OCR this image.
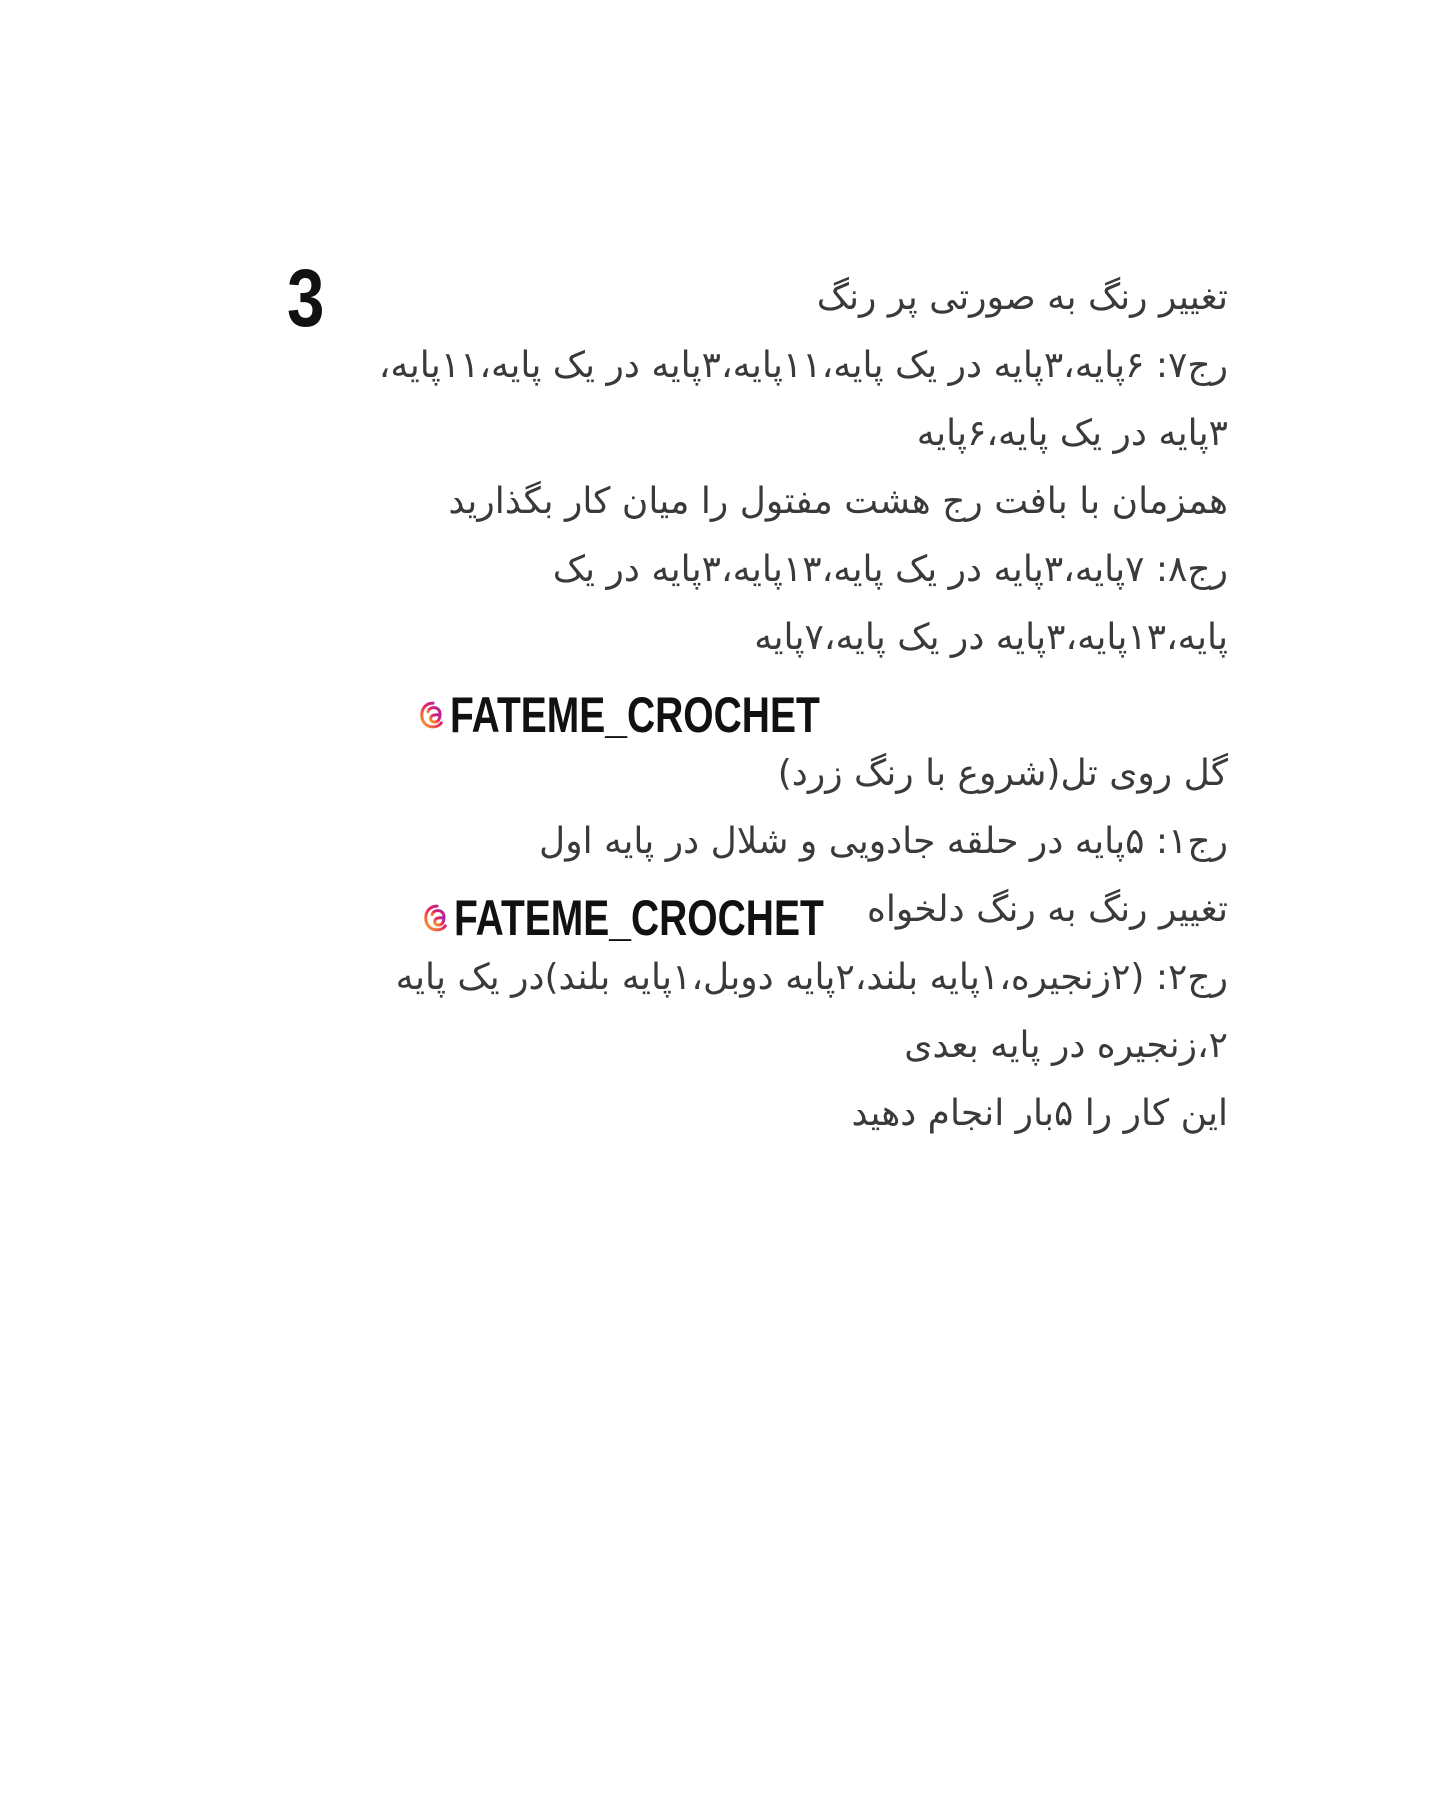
3	تغییر رنگ به صورتی پر رنگ
رج۷: ۶پایه،۳پایه در یک پایه،۱۱پایه،۳پایه در یک پایه،۱۱پایه،
۳پایه در یک پایه،۶پایه
همزمان با بافت رج هشت مفتول را میان کار بگذارید
رج۸: ۷پایه،۳پایه در یک پایه،۱۳پایه،۳پایه در یک
پایه،۱۳پایه،۳پایه در یک پایه،۷پایه
FATEME_CROCHET
گل روی تل(شروع با رنگ زرد)
رج۱: ۵پایه در حلقه جادویی و شلال در پایه اول
تغییر رنگ به رنگ دلخواه
FATEME_CROCHET
رج۲: (۲زنجیره،۱پایه بلند،۲پایه دوبل،۱پایه بلند)در یک پایه
۲،زنجیره در پایه بعدی
این کار را ۵بار انجام دهید
